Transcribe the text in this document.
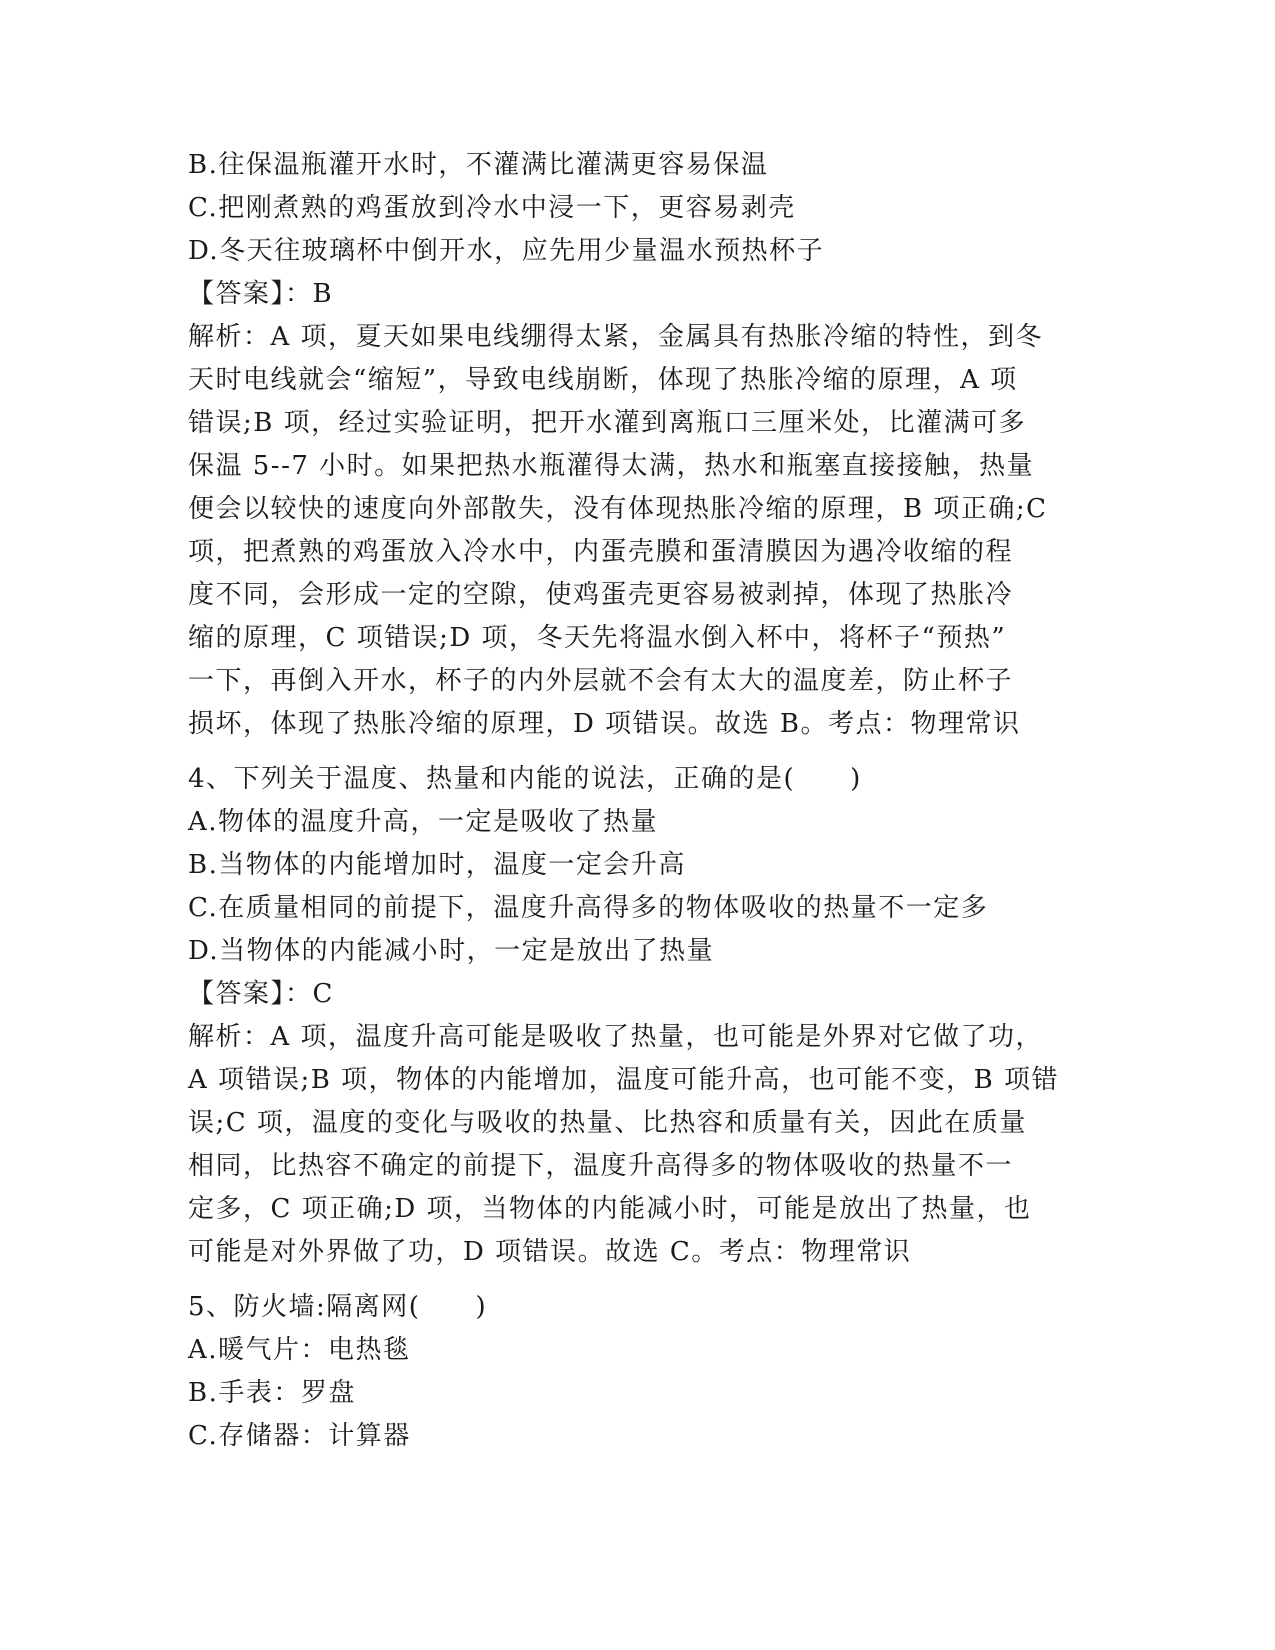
B.往保温瓶灌开水时，不灌满比灌满更容易保温
C.把刚煮熟的鸡蛋放到冷水中浸一下，更容易剥壳
D.冬天往玻璃杯中倒开水，应先用少量温水预热杯子
【答案】：B
解析：A 项，夏天如果电线绷得太紧，金属具有热胀冷缩的特性，到冬
天时电线就会“缩短”，导致电线崩断，体现了热胀冷缩的原理，A 项
错误;B 项，经过实验证明，把开水灌到离瓶口三厘米处，比灌满可多
保温 5--7 小时。如果把热水瓶灌得太满，热水和瓶塞直接接触，热量
便会以较快的速度向外部散失，没有体现热胀冷缩的原理，B 项正确;C
项，把煮熟的鸡蛋放入冷水中，内蛋壳膜和蛋清膜因为遇冷收缩的程
度不同，会形成一定的空隙，使鸡蛋壳更容易被剥掉，体现了热胀冷
缩的原理，C 项错误;D 项，冬天先将温水倒入杯中，将杯子“预热”
一下，再倒入开水，杯子的内外层就不会有太大的温度差，防止杯子
损坏，体现了热胀冷缩的原理，D 项错误。故选 B。考点：物理常识
4、下列关于温度、热量和内能的说法，正确的是(　　)
A.物体的温度升高，一定是吸收了热量
B.当物体的内能增加时，温度一定会升高
C.在质量相同的前提下，温度升高得多的物体吸收的热量不一定多
D.当物体的内能减小时，一定是放出了热量
【答案】：C
解析：A 项，温度升高可能是吸收了热量，也可能是外界对它做了功，
A 项错误;B 项，物体的内能增加，温度可能升高，也可能不变，B 项错
误;C 项，温度的变化与吸收的热量、比热容和质量有关，因此在质量
相同，比热容不确定的前提下，温度升高得多的物体吸收的热量不一
定多，C 项正确;D 项，当物体的内能减小时，可能是放出了热量，也
可能是对外界做了功，D 项错误。故选 C。考点：物理常识
5、防火墙:隔离网(　　)
A.暖气片：电热毯
B.手表：罗盘
C.存储器：计算器
